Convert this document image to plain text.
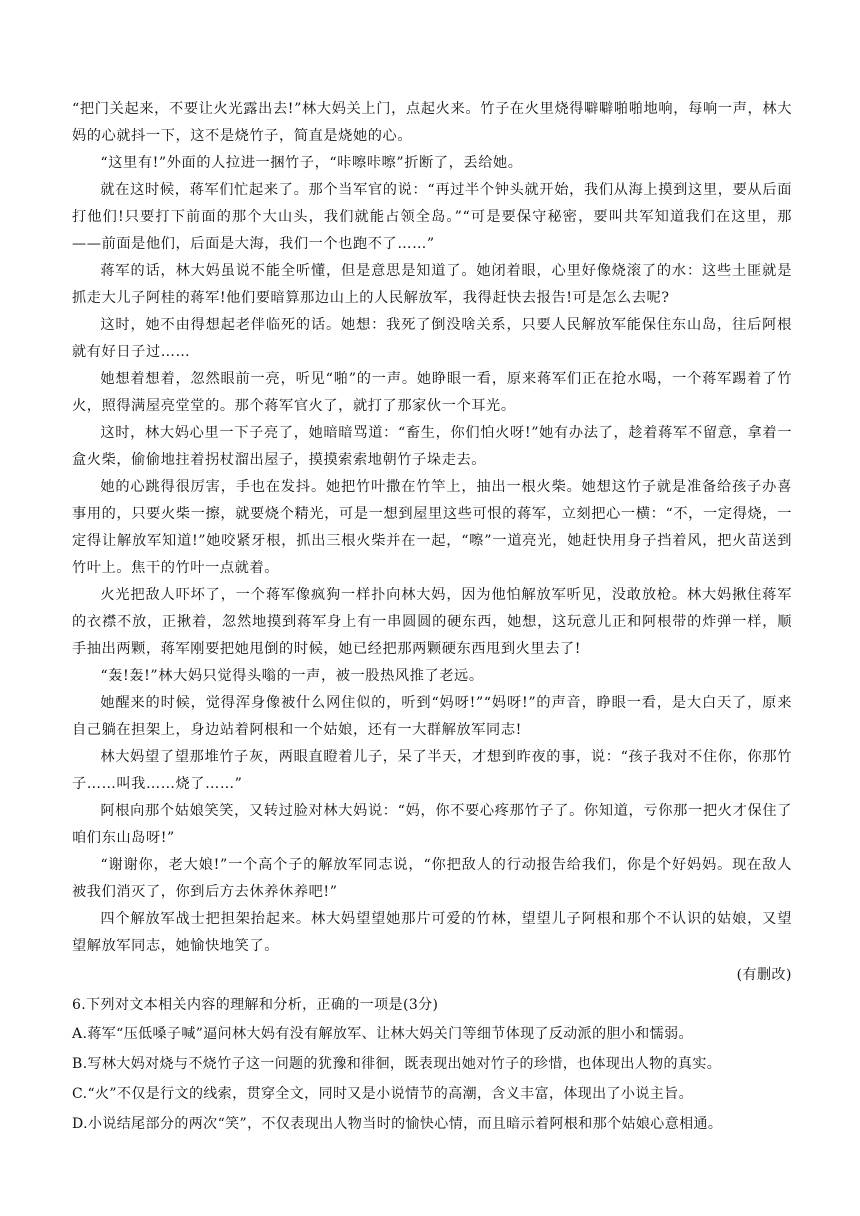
“把门关起来，不要让火光露出去!”林大妈关上门，点起火来。竹子在火里烧得噼噼啪啪地响，每响一声，林大妈的心就抖一下，这不是烧竹子，简直是烧她的心。

“这里有!”外面的人拉进一捆竹子，“咔嚓咔嚓”折断了，丢给她。

就在这时候，蒋军们忙起来了。那个当军官的说：“再过半个钟头就开始，我们从海上摸到这里，要从后面打他们!只要打下前面的那个大山头，我们就能占领全岛。”“可是要保守秘密，要叫共军知道我们在这里，那——前面是他们，后面是大海，我们一个也跑不了……”

蒋军的话，林大妈虽说不能全听懂，但是意思是知道了。她闭着眼，心里好像烧滚了的水：这些土匪就是抓走大儿子阿桂的蒋军!他们要暗算那边山上的人民解放军，我得赶快去报告!可是怎么去呢?

这时，她不由得想起老伴临死的话。她想：我死了倒没啥关系，只要人民解放军能保住东山岛，往后阿根就有好日子过……

她想着想着，忽然眼前一亮，听见“啪”的一声。她睁眼一看，原来蒋军们正在抢水喝，一个蒋军踢着了竹火，照得满屋亮堂堂的。那个蒋军官火了，就打了那家伙一个耳光。

这时，林大妈心里一下子亮了，她暗暗骂道：“畜生，你们怕火呀!”她有办法了，趁着蒋军不留意，拿着一盒火柴，偷偷地拄着拐杖溜出屋子，摸摸索索地朝竹子垛走去。

她的心跳得很厉害，手也在发抖。她把竹叶撒在竹竿上，抽出一根火柴。她想这竹子就是准备给孩子办喜事用的，只要火柴一擦，就要烧个精光，可是一想到屋里这些可恨的蒋军，立刻把心一横：“不，一定得烧，一定得让解放军知道!”她咬紧牙根，抓出三根火柴并在一起，“嚓”一道亮光，她赶快用身子挡着风，把火苗送到竹叶上。焦干的竹叶一点就着。

火光把敌人吓坏了，一个蒋军像疯狗一样扑向林大妈，因为他怕解放军听见，没敢放枪。林大妈揪住蒋军的衣襟不放，正揪着，忽然地摸到蒋军身上有一串圆圆的硬东西，她想，这玩意儿正和阿根带的炸弹一样，顺手抽出两颗，蒋军刚要把她甩倒的时候，她已经把那两颗硬东西甩到火里去了!

“轰!轰!”林大妈只觉得头嗡的一声，被一股热风推了老远。

她醒来的时候，觉得浑身像被什么网住似的，听到“妈呀!”“妈呀!”的声音，睁眼一看，是大白天了，原来自己躺在担架上，身边站着阿根和一个姑娘，还有一大群解放军同志!

林大妈望了望那堆竹子灰，两眼直瞪着儿子，呆了半天，才想到昨夜的事，说：“孩子我对不住你，你那竹子……叫我……烧了……”

阿根向那个姑娘笑笑，又转过脸对林大妈说：“妈，你不要心疼那竹子了。你知道，亏你那一把火才保住了咱们东山岛呀!”

“谢谢你，老大娘!”一个高个子的解放军同志说，“你把敌人的行动报告给我们，你是个好妈妈。现在敌人被我们消灭了，你到后方去休养休养吧!”

四个解放军战士把担架抬起来。林大妈望望她那片可爱的竹林，望望儿子阿根和那个不认识的姑娘，又望望解放军同志，她愉快地笑了。

(有删改)

6.下列对文本相关内容的理解和分析，正确的一项是(3分)

A.蒋军“压低嗓子喊”逼问林大妈有没有解放军、让林大妈关门等细节体现了反动派的胆小和懦弱。

B.写林大妈对烧与不烧竹子这一问题的犹豫和徘徊，既表现出她对竹子的珍惜，也体现出人物的真实。

C.“火”不仅是行文的线索，贯穿全文，同时又是小说情节的高潮，含义丰富，体现出了小说主旨。

D.小说结尾部分的两次“笑”，不仅表现出人物当时的愉快心情，而且暗示着阿根和那个姑娘心意相通。
